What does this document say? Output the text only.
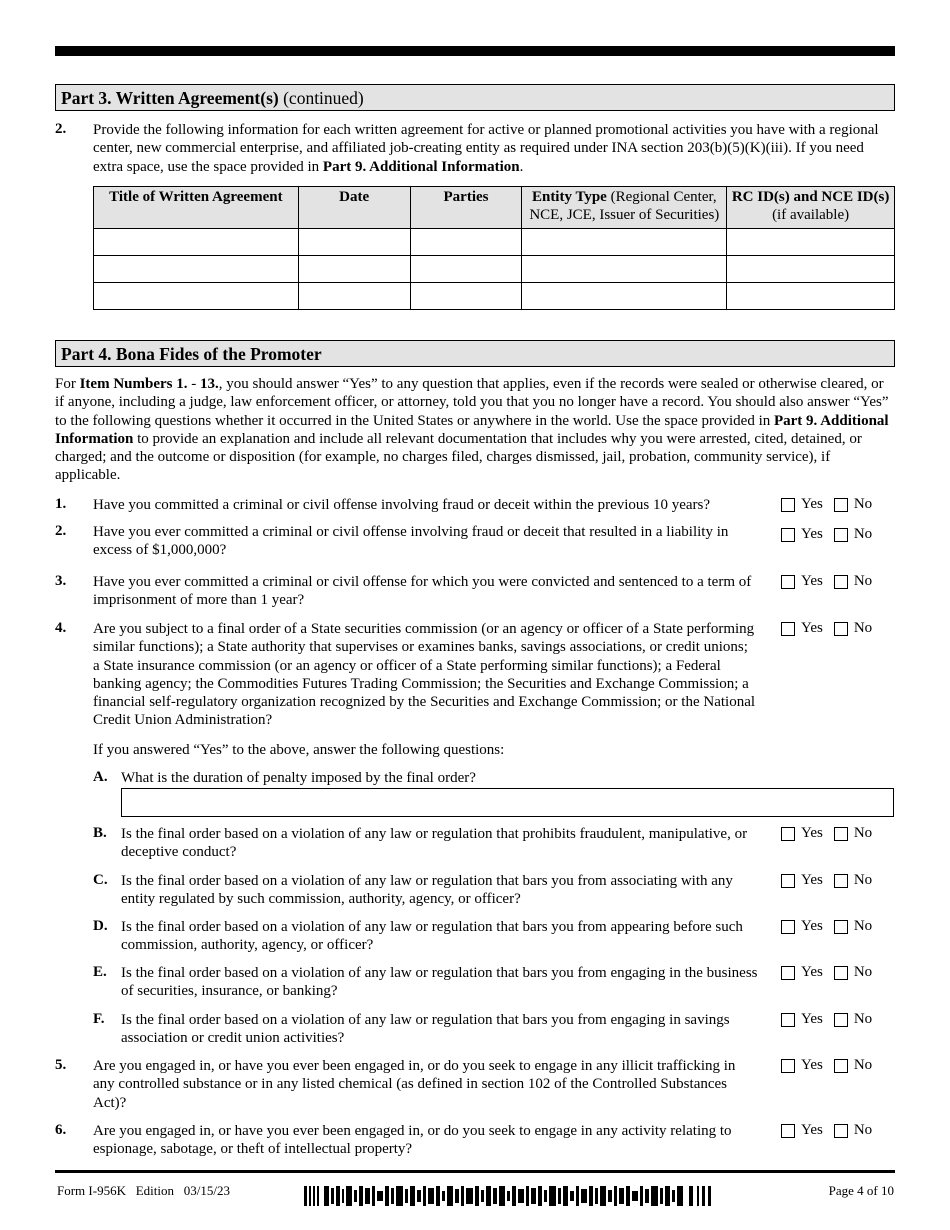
Part 3. Written Agreement(s) (continued)
2. Provide the following information for each written agreement for active or planned promotional activities you have with a regional center, new commercial enterprise, and affiliated job-creating entity as required under INA section 203(b)(5)(K)(iii). If you need extra space, use the space provided in Part 9. Additional Information.
Title of Written Agreement	Date	Parties	Entity Type (Regional Center, NCE, JCE, Issuer of Securities)	RC ID(s) and NCE ID(s)
(if available)

Part 4. Bona Fides of the Promoter
For Item Numbers 1. - 13., you should answer “Yes” to any question that applies, even if the records were sealed or otherwise cleared, or if anyone, including a judge, law enforcement officer, or attorney, told you that you no longer have a record. You should also answer “Yes” to the following questions whether it occurred in the United States or anywhere in the world. Use the space provided in Part 9. Additional Information to provide an explanation and include all relevant documentation that includes why you were arrested, cited, detained, or charged; and the outcome or disposition (for example, no charges filed, charges dismissed, jail, probation, community service), if applicable.
1. Have you committed a criminal or civil offense involving fraud or deceit within the previous 10 years?	Yes No
2. Have you ever committed a criminal or civil offense involving fraud or deceit that resulted in a liability in excess of $1,000,000?
Yes No
3. Have you ever committed a criminal or civil offense for which you were convicted and sentenced to a term of imprisonment of more than 1 year?
Yes No
4. Are you subject to a final order of a State securities commission (or an agency or officer of a State performing similar functions); a State authority that supervises or examines banks, savings associations, or credit unions; a State insurance commission (or an agency or officer of a State performing similar functions); a Federal banking agency; the Commodities Futures Trading Commission; the Securities and Exchange Commission; a financial self-regulatory organization recognized by the Securities and Exchange Commission; or the National Credit Union Administration?
Yes No
If you answered “Yes” to the above, answer the following questions:
A. What is the duration of penalty imposed by the final order?
B. Is the final order based on a violation of any law or regulation that prohibits fraudulent, manipulative, or deceptive conduct?
Yes No
C. Is the final order based on a violation of any law or regulation that bars you from associating with any entity regulated by such commission, authority, agency, or officer?
Yes No
D. Is the final order based on a violation of any law or regulation that bars you from appearing before such commission, authority, agency, or officer?
Yes No
E. Is the final order based on a violation of any law or regulation that bars you from engaging in the business of securities, insurance, or banking?
Yes No
F. Is the final order based on a violation of any law or regulation that bars you from engaging in savings association or credit union activities?
Yes No
5. Are you engaged in, or have you ever been engaged in, or do you seek to engage in any illicit trafficking in any controlled substance or in any listed chemical (as defined in section 102 of the Controlled Substances Act)?
Yes No
6. Are you engaged in, or have you ever been engaged in, or do you seek to engage in any activity relating to espionage, sabotage, or theft of intellectual property?
Yes No
Form I-956K   Edition   03/15/23	Page 4 of 10
